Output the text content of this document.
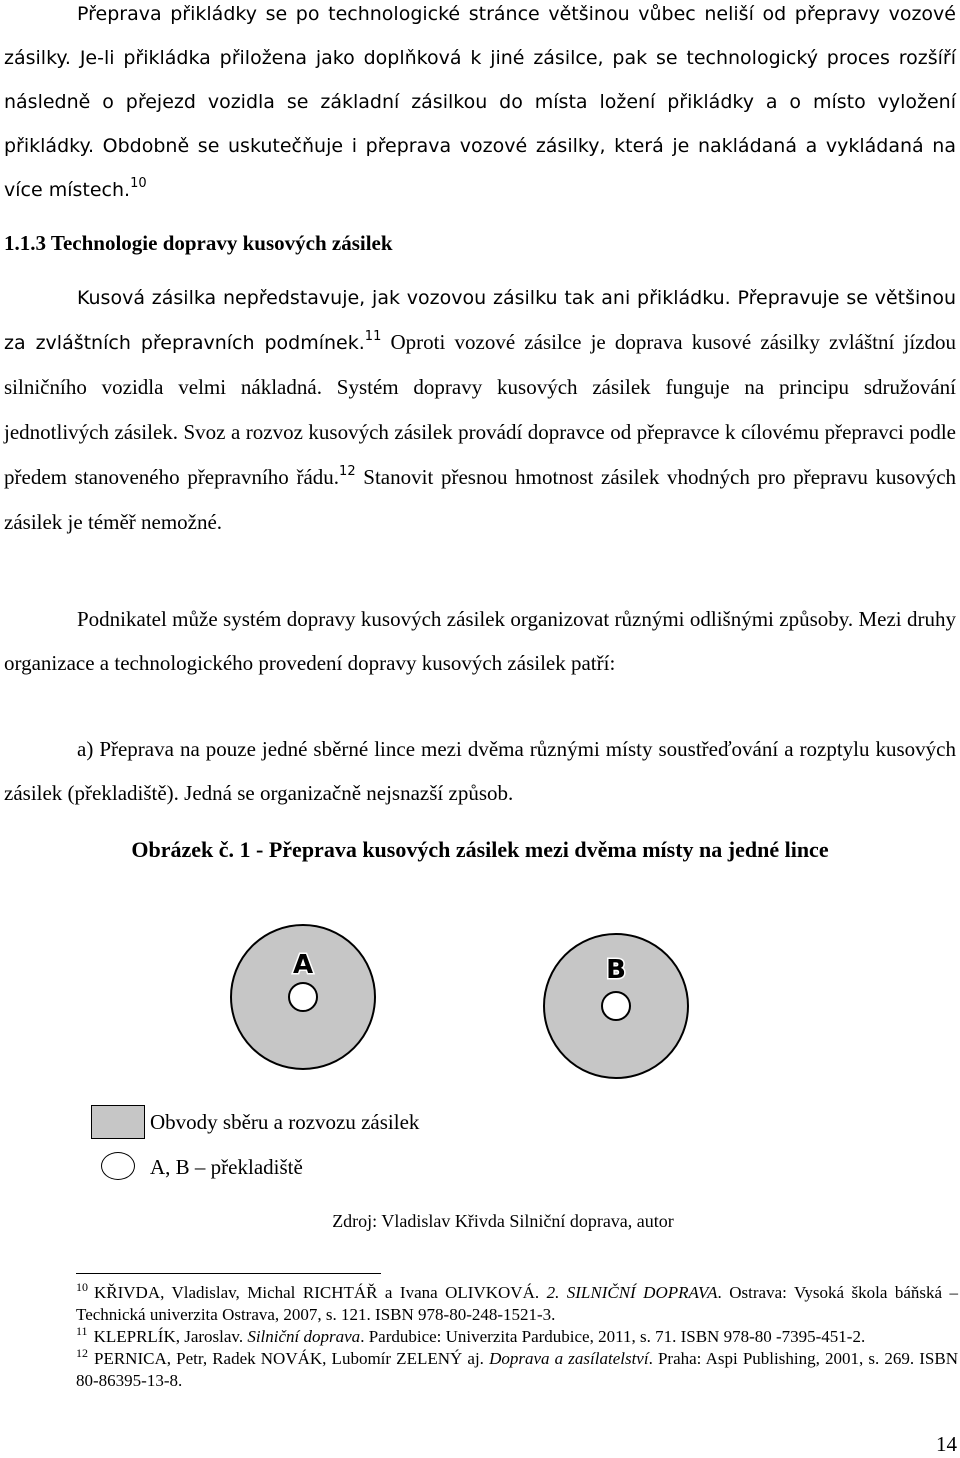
Přeprava přikládky se po technologické stránce většinou vůbec neliší od přepravy vozové zásilky. Je-li přikládka přiložena jako doplňková k jiné zásilce, pak se technologický proces rozšíří následně o přejezd vozidla se základní zásilkou do místa ložení přikládky a o místo vyložení přikládky. Obdobně se uskutečňuje i přeprava vozové zásilky, která je nakládaná a vykládaná na více místech.$^{10}$

1.1.3 Technologie dopravy kusových zásilek

Kusová zásilka nepředstavuje, jak vozovou zásilku tak ani přikládku. Přepravuje se většinou za zvláštních přepravních podmínek.$^{11}$ Oproti vozové zásilce je doprava kusové zásilky zvláštní jízdou silničního vozidla velmi nákladná. Systém dopravy kusových zásilek funguje na principu sdružování jednotlivých zásilek. Svoz a rozvoz kusových zásilek provádí dopravce od přepravce k cílovému přepravci podle předem stanoveného přepravního řádu.$^{12}$ Stanovit přesnou hmotnost zásilek vhodných pro přepravu kusových zásilek je téměř nemožné.

Podnikatel může systém dopravy kusových zásilek organizovat různými odlišnými způsoby. Mezi druhy organizace a technologického provedení dopravy kusových zásilek patří:

a) Přeprava na pouze jedné sběrné lince mezi dvěma různými místy soustřeďování a rozptylu kusových zásilek (překladiště). Jedná se organizačně nejsnazší způsob.

Obrázek č. 1 - Přeprava kusových zásilek mezi dvěma místy na jedné lince
A	B
Obvody sběru a rozvozu zásilek
A, B – překladiště
Zdroj: Vladislav Křivda Silniční doprava, autor

$^{10}$ KŘIVDA, Vladislav, Michal RICHTÁŘ a Ivana OLIVKOVÁ. 2. SILNIČNÍ DOPRAVA. Ostrava: Vysoká škola báňská – Technická univerzita Ostrava, 2007, s. 121. ISBN 978-80-248-1521-3.

$^{11}$ KLEPRLÍK, Jaroslav. Silniční doprava. Pardubice: Univerzita Pardubice, 2011, s. 71. ISBN 978-80 -7395-451-2.

$^{12}$ PERNICA, Petr, Radek NOVÁK, Lubomír ZELENÝ aj. Doprava a zasílatelství. Praha: Aspi Publishing, 2001, s. 269. ISBN 80-86395-13-8.

14
